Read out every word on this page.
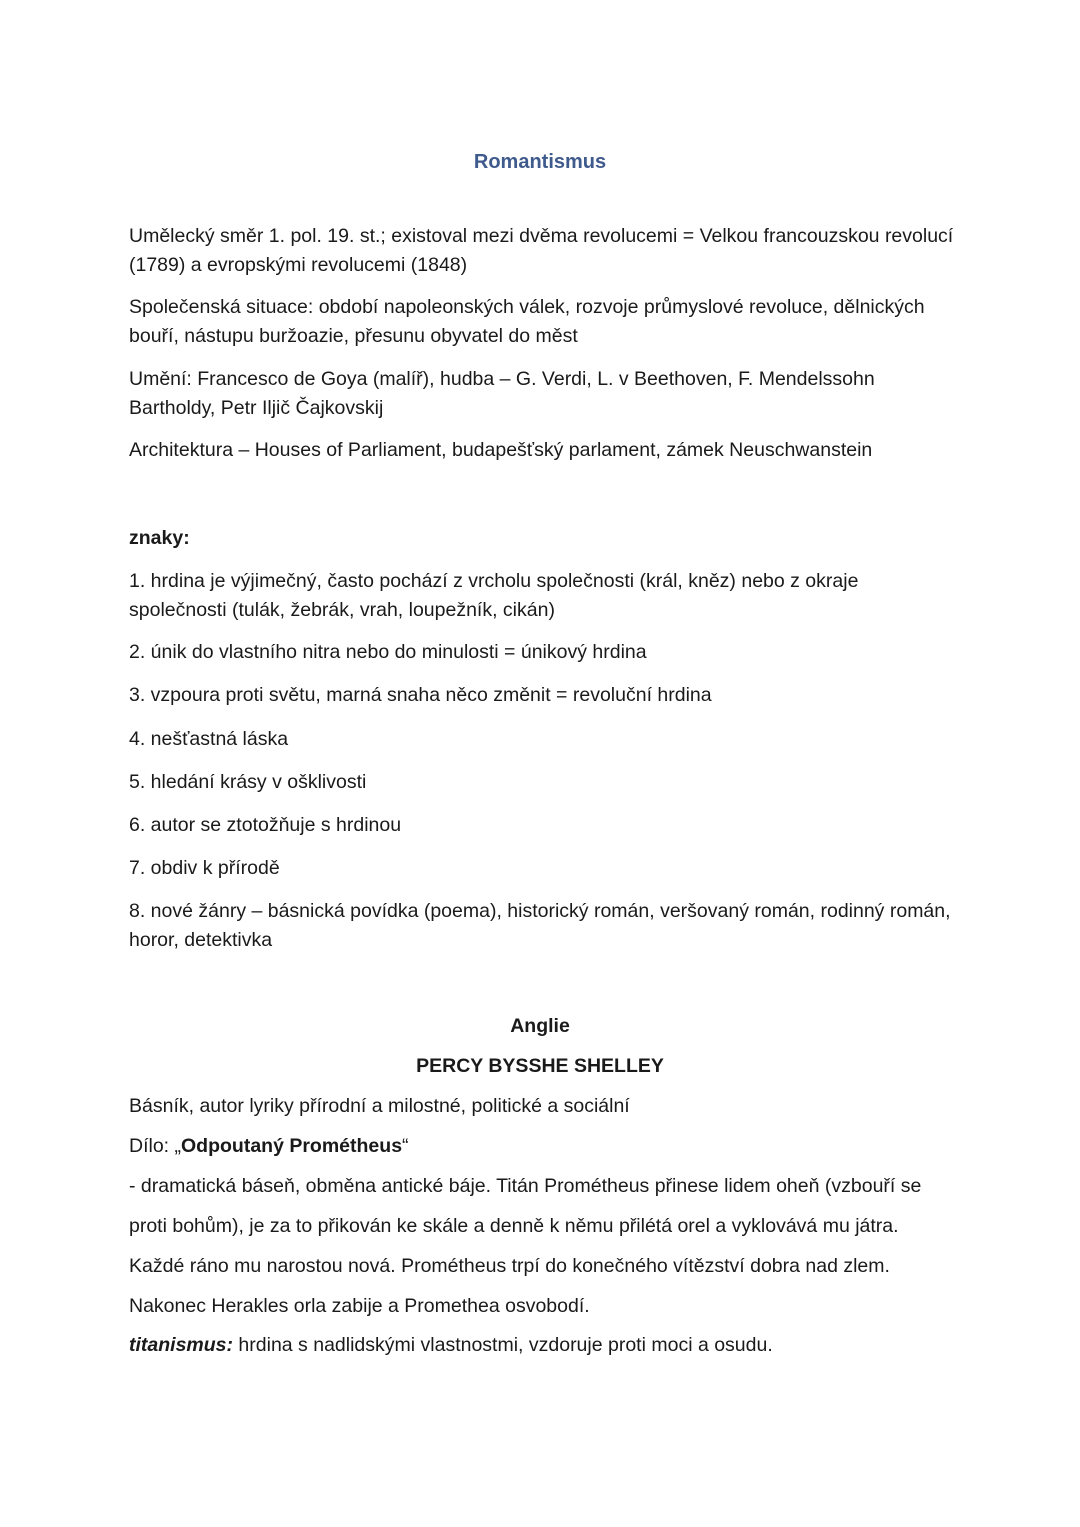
Romantismus

Umělecký směr 1. pol. 19. st.; existoval mezi dvěma revolucemi = Velkou francouzskou revolucí (1789) a evropskými revolucemi (1848)

Společenská situace: období napoleonských válek, rozvoje průmyslové revoluce, dělnických bouří, nástupu buržoazie, přesunu obyvatel do měst

Umění: Francesco de Goya (malíř), hudba – G. Verdi, L. v Beethoven, F. Mendelssohn Bartholdy, Petr Iljič Čajkovskij

Architektura – Houses of Parliament, budapešťský parlament, zámek Neuschwanstein

znaky:

1. hrdina je výjimečný, často pochází z vrcholu společnosti (král, kněz) nebo z okraje společnosti (tulák, žebrák, vrah, loupežník, cikán)

2. únik do vlastního nitra nebo do minulosti = únikový hrdina

3. vzpoura proti světu, marná snaha něco změnit = revoluční hrdina

4. nešťastná láska

5. hledání krásy v ošklivosti

6. autor se ztotožňuje s hrdinou

7. obdiv k přírodě

8. nové žánry – básnická povídka (poema), historický román, veršovaný román, rodinný román, horor, detektivka

Anglie

PERCY BYSSHE SHELLEY

Básník, autor lyriky přírodní a milostné, politické a sociální

Dílo: „Odpoutaný Prométheus“

- dramatická báseň, obměna antické báje. Titán Prométheus přinese lidem oheň (vzbouří se proti bohům), je za to přikován ke skále a denně k němu přilétá orel a vyklovává mu játra. Každé ráno mu narostou nová. Prométheus trpí do konečného vítězství dobra nad zlem. Nakonec Herakles orla zabije a Promethea osvobodí.

titanismus: hrdina s nadlidskými vlastnostmi, vzdoruje proti moci a osudu.
